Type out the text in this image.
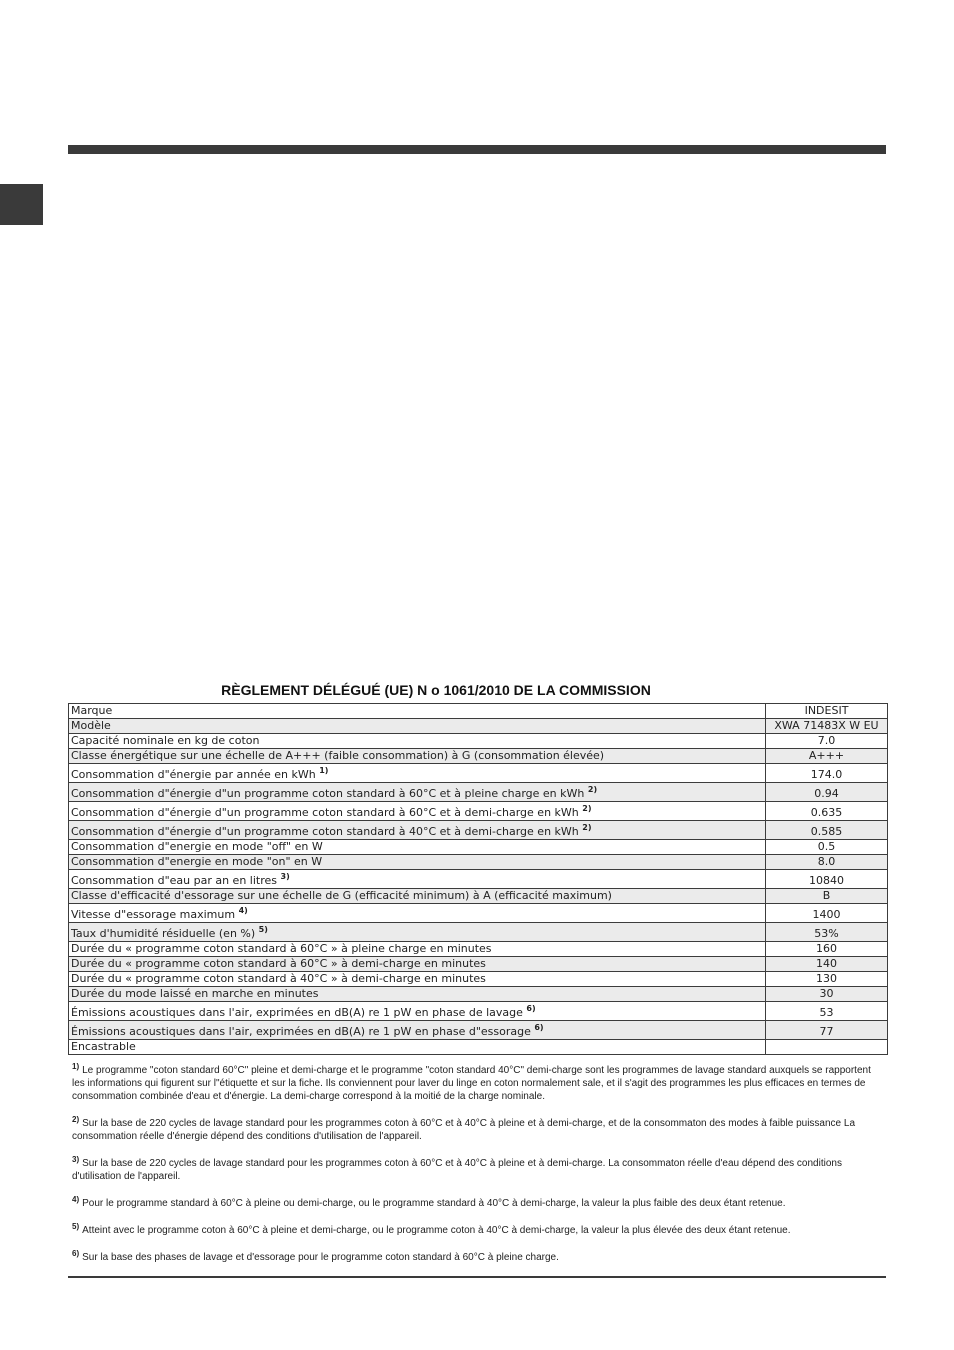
RÈGLEMENT DÉLÉGUÉ (UE) N o 1061/2010 DE LA COMMISSION
Marque	INDESIT
Modèle	XWA 71483X W EU
Capacité nominale en kg de coton	7.0
Classe énergétique sur une échelle de A+++ (faible consommation) à G (consommation élevée)	A+++
Consommation d"énergie par année en kWh $^{1)}$	174.0
Consommation d"énergie d"un programme coton standard à 60°C et à pleine charge en kWh $^{2)}$	0.94
Consommation d"énergie d"un programme coton standard à 60°C et à demi-charge en kWh $^{2)}$	0.635
Consommation d"énergie d"un programme coton standard à 40°C et à demi-charge en kWh $^{2)}$	0.585
Consommation d"energie en mode "off" en W	0.5
Consommation d"energie en mode "on" en W	8.0
Consommation d"eau par an en litres $^{3)}$	10840
Classe d'efficacité d'essorage sur une échelle de G (efficacité minimum) à A (efficacité maximum)	B
Vitesse d"essorage maximum $^{4)}$	1400
Taux d'humidité résiduelle (en %) $^{5)}$	53%
Durée du « programme coton standard à 60°C » à pleine charge en minutes	160
Durée du « programme coton standard à 60°C » à demi-charge en minutes	140
Durée du « programme coton standard à 40°C » à demi-charge en minutes	130
Durée du mode laissé en marche en minutes	30
Émissions acoustiques dans l'air, exprimées en dB(A) re 1 pW en phase de lavage $^{6)}$	53
Émissions acoustiques dans l'air, exprimées en dB(A) re 1 pW en phase d"essorage $^{6)}$	77
Encastrable	
$^{1)}$ Le programme "coton standard 60°C" pleine et demi-charge et le programme "coton standard 40°C" demi-charge sont les programmes de lavage standard auxquels se rapportent les informations qui figurent sur l"étiquette et sur la fiche. Ils conviennent pour laver du linge en coton normalement sale, et il s'agit des programmes les plus efficaces en termes de consommation combinée d'eau et d'énergie. La demi-charge correspond à la moitié de la charge nominale.
$^{2)}$ Sur la base de 220 cycles de lavage standard pour les programmes coton à 60°C et à 40°C à pleine et à demi-charge, et de la consommaton des modes à faible puissance La consommation réelle d'énergie dépend des conditions d'utilisation de l'appareil.
$^{3)}$ Sur la base de 220 cycles de lavage standard pour les programmes coton à 60°C et à 40°C à pleine et à demi-charge. La consommaton réelle d'eau dépend des conditions d'utilisation de l'appareil.
$^{4)}$ Pour le programme standard à 60°C à pleine ou demi-charge, ou le programme standard à 40°C à demi-charge, la valeur la plus faible des deux étant retenue.
$^{5)}$ Atteint avec le programme coton à 60°C à pleine et demi-charge, ou le programme coton à 40°C à demi-charge, la valeur la plus élevée des deux étant retenue.
$^{6)}$ Sur la base des phases de lavage et d'essorage pour le programme coton standard à 60°C à pleine charge.
